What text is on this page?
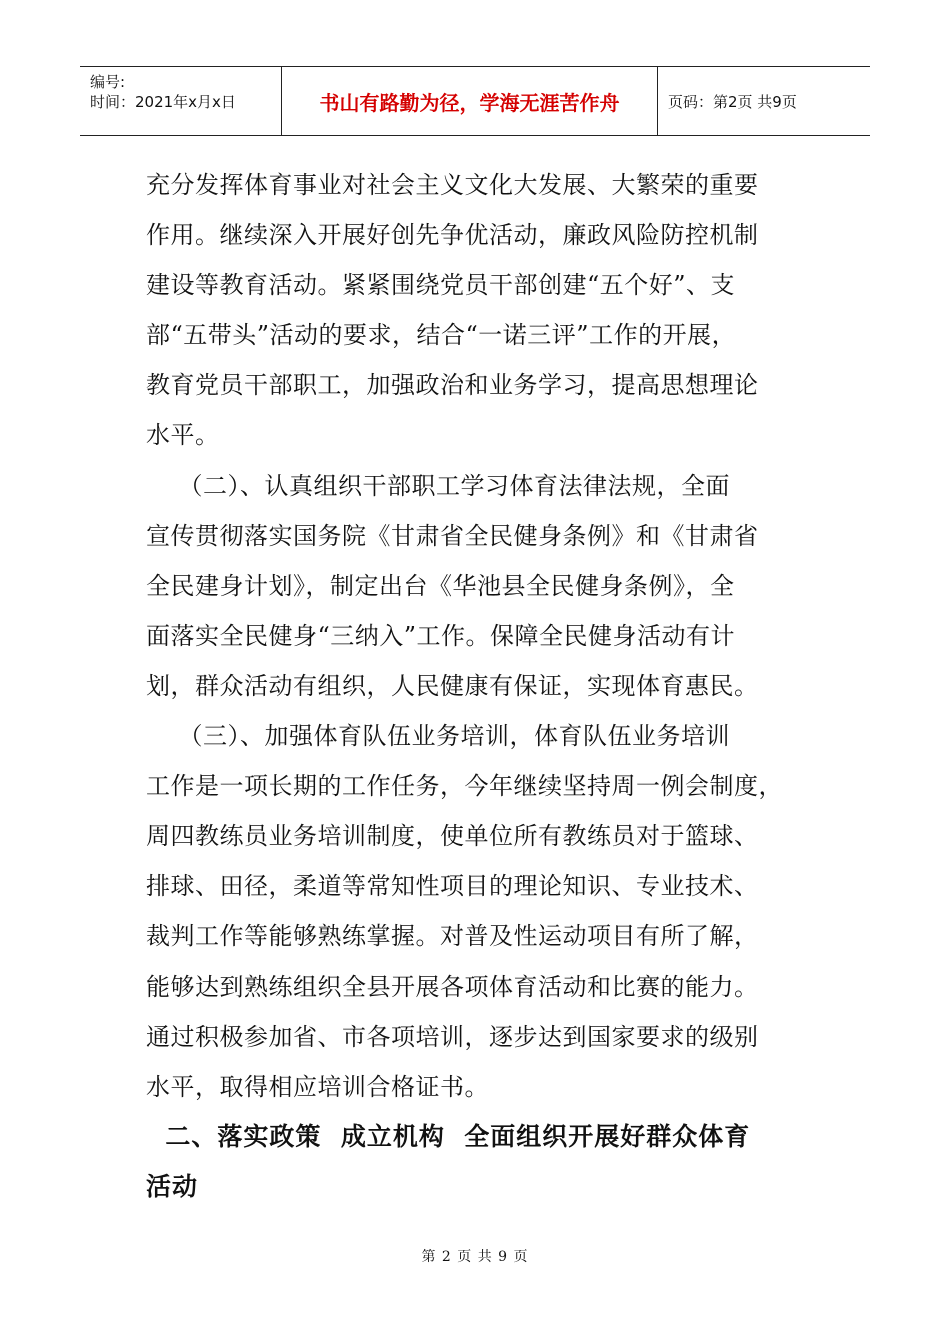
编号:
时间：2021年x月x日	书山有路勤为径，学海无涯苦作舟	页码：第2页 共9页
充分发挥体育事业对社会主义文化大发展、大繁荣的重要
作用。继续深入开展好创先争优活动，廉政风险防控机制
建设等教育活动。紧紧围绕党员干部创建“五个好”、支
部“五带头”活动的要求，结合“一诺三评”工作的开展，
教育党员干部职工，加强政治和业务学习，提高思想理论
水平。
（二）、认真组织干部职工学习体育法律法规，全面
宣传贯彻落实国务院《甘肃省全民健身条例》和《甘肃省
全民建身计划》，制定出台《华池县全民健身条例》，全
面落实全民健身“三纳入”工作。保障全民健身活动有计
划，群众活动有组织，人民健康有保证，实现体育惠民。
（三）、加强体育队伍业务培训，体育队伍业务培训
工作是一项长期的工作任务，今年继续坚持周一例会制度，
周四教练员业务培训制度，使单位所有教练员对于篮球、
排球、田径，柔道等常知性项目的理论知识、专业技术、
裁判工作等能够熟练掌握。对普及性运动项目有所了解，
能够达到熟练组织全县开展各项体育活动和比赛的能力。
通过积极参加省、市各项培训，逐步达到国家要求的级别
水平，取得相应培训合格证书。
二、落实政策  成立机构  全面组织开展好群众体育
活动
第 2 页 共 9 页
